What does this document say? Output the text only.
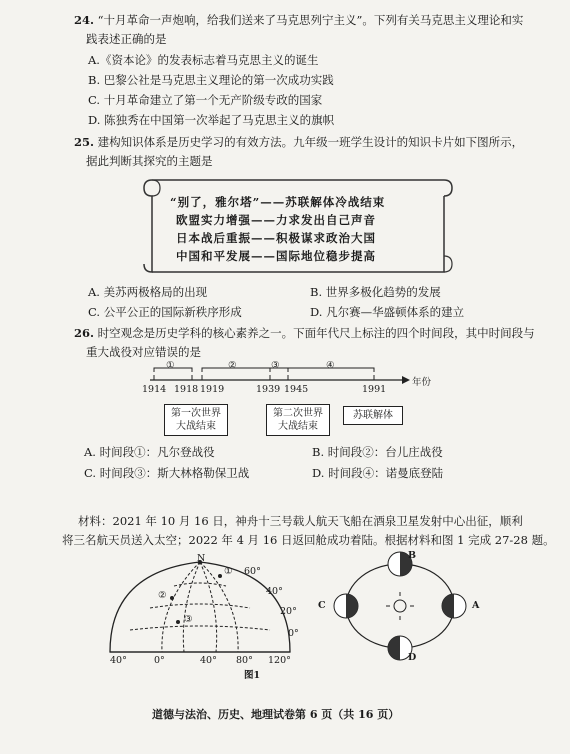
24. “十月革命一声炮响，给我们送来了马克思列宁主义”。下列有关马克思主义理论和实
践表述正确的是
A.《资本论》的发表标志着马克思主义的诞生
B. 巴黎公社是马克思主义理论的第一次成功实践
C. 十月革命建立了第一个无产阶级专政的国家
D. 陈独秀在中国第一次举起了马克思主义的旗帜
25. 建构知识体系是历史学习的有效方法。九年级一班学生设计的知识卡片如下图所示，
据此判断其探究的主题是
“别了，雅尔塔”——苏联解体冷战结束
欧盟实力增强——力求发出自己声音
日本战后重振——积极谋求政治大国
中国和平发展——国际地位稳步提高
A. 美苏两极格局的出现	B. 世界多极化趋势的发展
C. 公平公正的国际新秩序形成	D. 凡尔赛—华盛顿体系的建立
26. 时空观念是历史学科的核心素养之一。下面年代尺上标注的四个时间段，其中时间段与
重大战役对应错误的是
①	②	③	④
1914 1918 1919	1939 1945	1991
年份
第一次世界大战结束
第二次世界大战结束
苏联解体
A. 时间段①：凡尔登战役	B. 时间段②：台儿庄战役
C. 时间段③：斯大林格勒保卫战	D. 时间段④：诺曼底登陆
材料：2021 年 10 月 16 日，神舟十三号载人航天飞船在酒泉卫星发射中心出征，顺利
将三名航天员送入太空；2022 年 4 月 16 日返回舱成功着陆。根据材料和图 1 完成 27-28 题。
N
60°
40°
20°
0°
40°	0°	40° 80° 120°
①
②
③
B
C	A
D
图1
道德与法治、历史、地理试卷第 6 页（共 16 页）
